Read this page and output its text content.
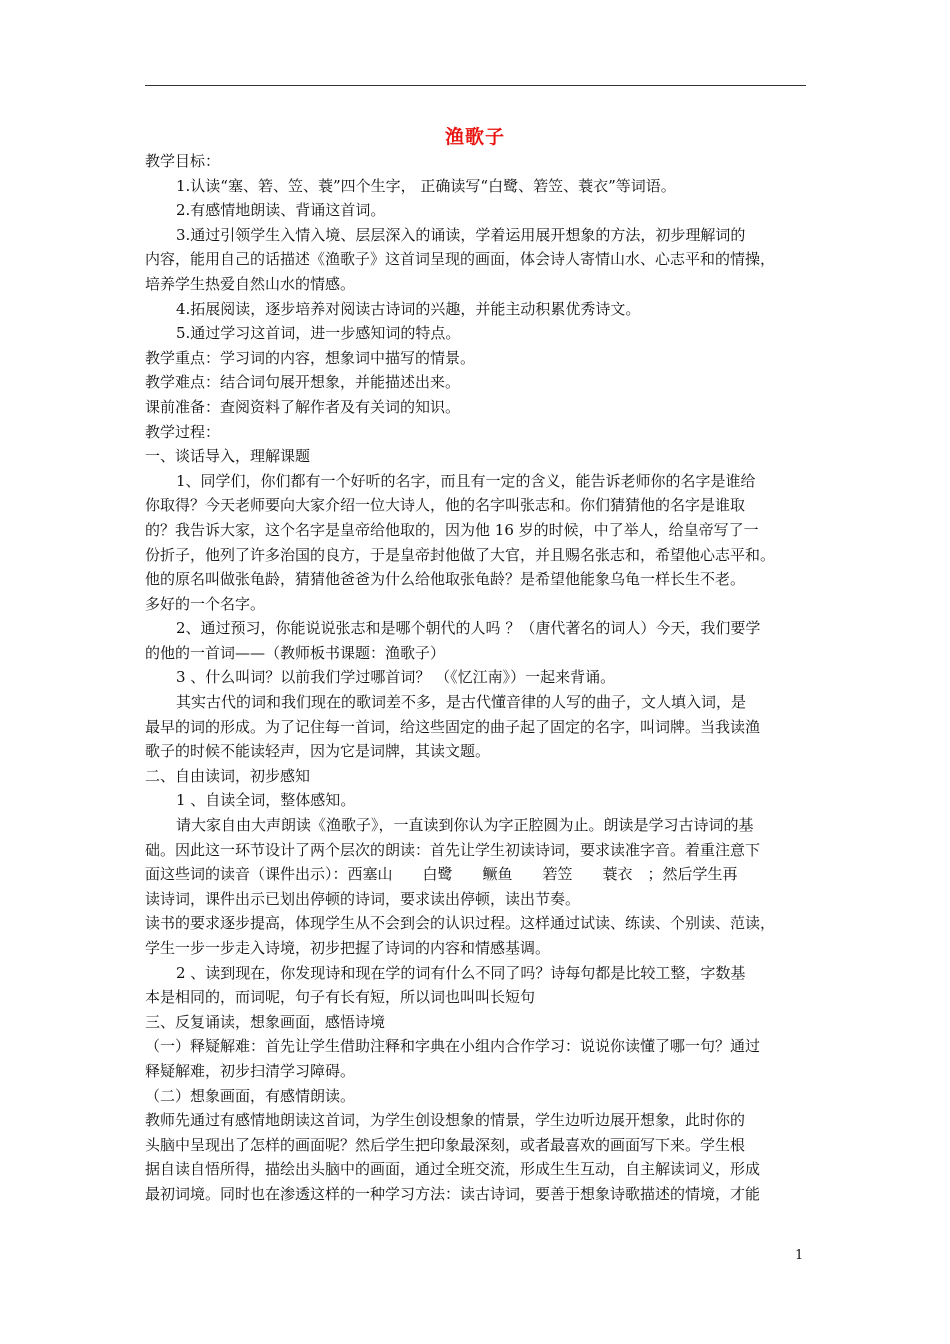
渔歌子
教学目标：
1.认读“塞、箬、笠、蓑”四个生字， 正确读写“白鹭、箬笠、蓑衣”等词语。
2.有感情地朗读、背诵这首词。
3.通过引领学生入情入境、层层深入的诵读，学着运用展开想象的方法，初步理解词的
内容，能用自己的话描述《渔歌子》这首词呈现的画面，体会诗人寄情山水、心志平和的情操，
培养学生热爱自然山水的情感。
4.拓展阅读，逐步培养对阅读古诗词的兴趣，并能主动积累优秀诗文。
5.通过学习这首词，进一步感知词的特点。
教学重点：学习词的内容，想象词中描写的情景。
教学难点：结合词句展开想象，并能描述出来。
课前准备：查阅资料了解作者及有关词的知识。
教学过程：
一、谈话导入，理解课题
1、同学们，你们都有一个好听的名字，而且有一定的含义，能告诉老师你的名字是谁给
你取得？今天老师要向大家介绍一位大诗人，他的名字叫张志和。你们猜猜他的名字是谁取
的？我告诉大家，这个名字是皇帝给他取的，因为他 16 岁的时候，中了举人，给皇帝写了一
份折子，他列了许多治国的良方，于是皇帝封他做了大官，并且赐名张志和，希望他心志平和。
他的原名叫做张龟龄，猜猜他爸爸为什么给他取张龟龄？是希望他能象乌龟一样长生不老。
多好的一个名字。
2、通过预习，你能说说张志和是哪个朝代的人吗 ？（唐代著名的词人）今天，我们要学
的他的一首词——（教师板书课题：渔歌子）
3 、什么叫词？以前我们学过哪首词？ （《忆江南》）一起来背诵。
其实古代的词和我们现在的歌词差不多，是古代懂音律的人写的曲子，文人填入词，是
最早的词的形成。为了记住每一首词，给这些固定的曲子起了固定的名字，叫词牌。当我读渔
歌子的时候不能读轻声，因为它是词牌，其读文题。
二、自由读词，初步感知
1 、自读全词，整体感知。
请大家自由大声朗读《渔歌子》，一直读到你认为字正腔圆为止。朗读是学习古诗词的基
础。因此这一环节设计了两个层次的朗读：首先让学生初读诗词，要求读准字音。着重注意下
面这些词的读音（课件出示）：西塞山　　白鹭　　鳜鱼　　箬笠　　蓑衣　；然后学生再
读诗词，课件出示已划出停顿的诗词，要求读出停顿，读出节奏。
读书的要求逐步提高，体现学生从不会到会的认识过程。这样通过试读、练读、个别读、范读，
学生一步一步走入诗境，初步把握了诗词的内容和情感基调。
2 、读到现在，你发现诗和现在学的词有什么不同了吗？诗每句都是比较工整，字数基
本是相同的，而词呢，句子有长有短，所以词也叫叫长短句
三、反复诵读，想象画面，感悟诗境
（一）释疑解难：首先让学生借助注释和字典在小组内合作学习：说说你读懂了哪一句？通过
释疑解难，初步扫清学习障碍。
（二）想象画面，有感情朗读。
教师先通过有感情地朗读这首词，为学生创设想象的情景，学生边听边展开想象，此时你的
头脑中呈现出了怎样的画面呢？然后学生把印象最深刻，或者最喜欢的画面写下来。学生根
据自读自悟所得，描绘出头脑中的画面，通过全班交流，形成生生互动，自主解读词义，形成
最初词境。同时也在渗透这样的一种学习方法：读古诗词，要善于想象诗歌描述的情境，才能
1
